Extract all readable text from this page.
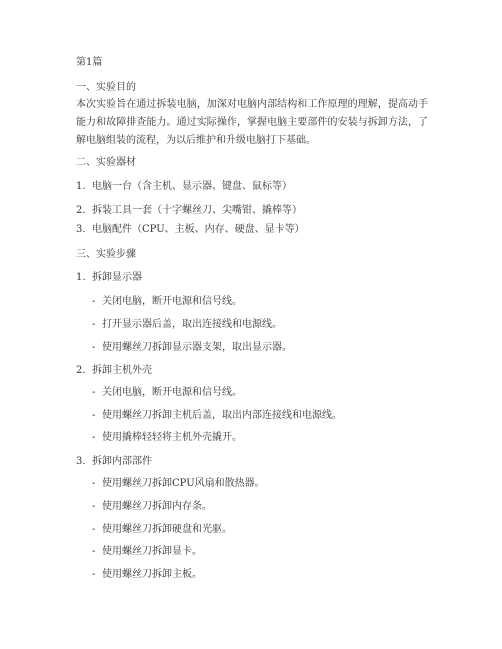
第1篇
一、实验目的
本次实验旨在通过拆装电脑，加深对电脑内部结构和工作原理的理解，提高动手能力和故障排查能力。通过实际操作，掌握电脑主要部件的安装与拆卸方法，了解电脑组装的流程，为以后维护和升级电脑打下基础。
二、实验器材
1. 电脑一台（含主机、显示器、键盘、鼠标等）
2. 拆装工具一套（十字螺丝刀、尖嘴钳、撬棒等）
3. 电脑配件（CPU、主板、内存、硬盘、显卡等）
三、实验步骤
1. 拆卸显示器
- 关闭电脑，断开电源和信号线。
- 打开显示器后盖，取出连接线和电源线。
- 使用螺丝刀拆卸显示器支架，取出显示器。
2. 拆卸主机外壳
- 关闭电脑，断开电源和信号线。
- 使用螺丝刀拆卸主机后盖，取出内部连接线和电源线。
- 使用撬棒轻轻将主机外壳撬开。
3. 拆卸内部部件
- 使用螺丝刀拆卸CPU风扇和散热器。
- 使用螺丝刀拆卸内存条。
- 使用螺丝刀拆卸硬盘和光驱。
- 使用螺丝刀拆卸显卡。
- 使用螺丝刀拆卸主板。
